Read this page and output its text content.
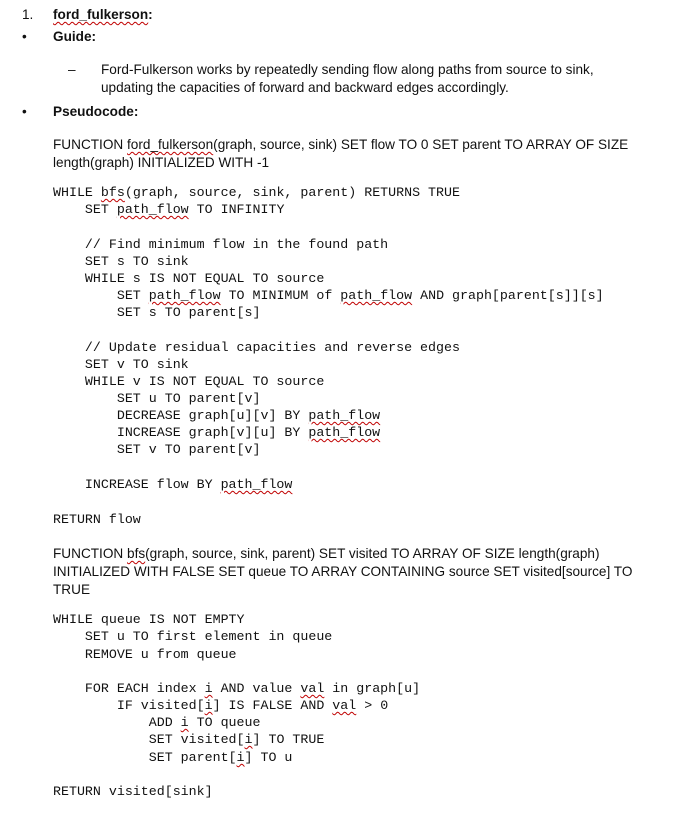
1. ford_fulkerson:
• Guide:
– Ford-Fulkerson works by repeatedly sending flow along paths from source to sink, updating the capacities of forward and backward edges accordingly.
• Pseudocode:
FUNCTION ford_fulkerson(graph, source, sink) SET flow TO 0 SET parent TO ARRAY OF SIZE length(graph) INITIALIZED WITH -1
WHILE bfs(graph, source, sink, parent) RETURNS TRUE
SET path_flow TO INFINITY
// Find minimum flow in the found path
SET s TO sink
WHILE s IS NOT EQUAL TO source
SET path_flow TO MINIMUM of path_flow AND graph[parent[s]][s]
SET s TO parent[s]
// Update residual capacities and reverse edges
SET v TO sink
WHILE v IS NOT EQUAL TO source
SET u TO parent[v]
DECREASE graph[u][v] BY path_flow
INCREASE graph[v][u] BY path_flow
SET v TO parent[v]
INCREASE flow BY path_flow
RETURN flow
FUNCTION bfs(graph, source, sink, parent) SET visited TO ARRAY OF SIZE length(graph) INITIALIZED WITH FALSE SET queue TO ARRAY CONTAINING source SET visited[source] TO TRUE
WHILE queue IS NOT EMPTY
SET u TO first element in queue
REMOVE u from queue
FOR EACH index i AND value val in graph[u]
IF visited[i] IS FALSE AND val > 0
ADD i TO queue
SET visited[i] TO TRUE
SET parent[i] TO u
RETURN visited[sink]
